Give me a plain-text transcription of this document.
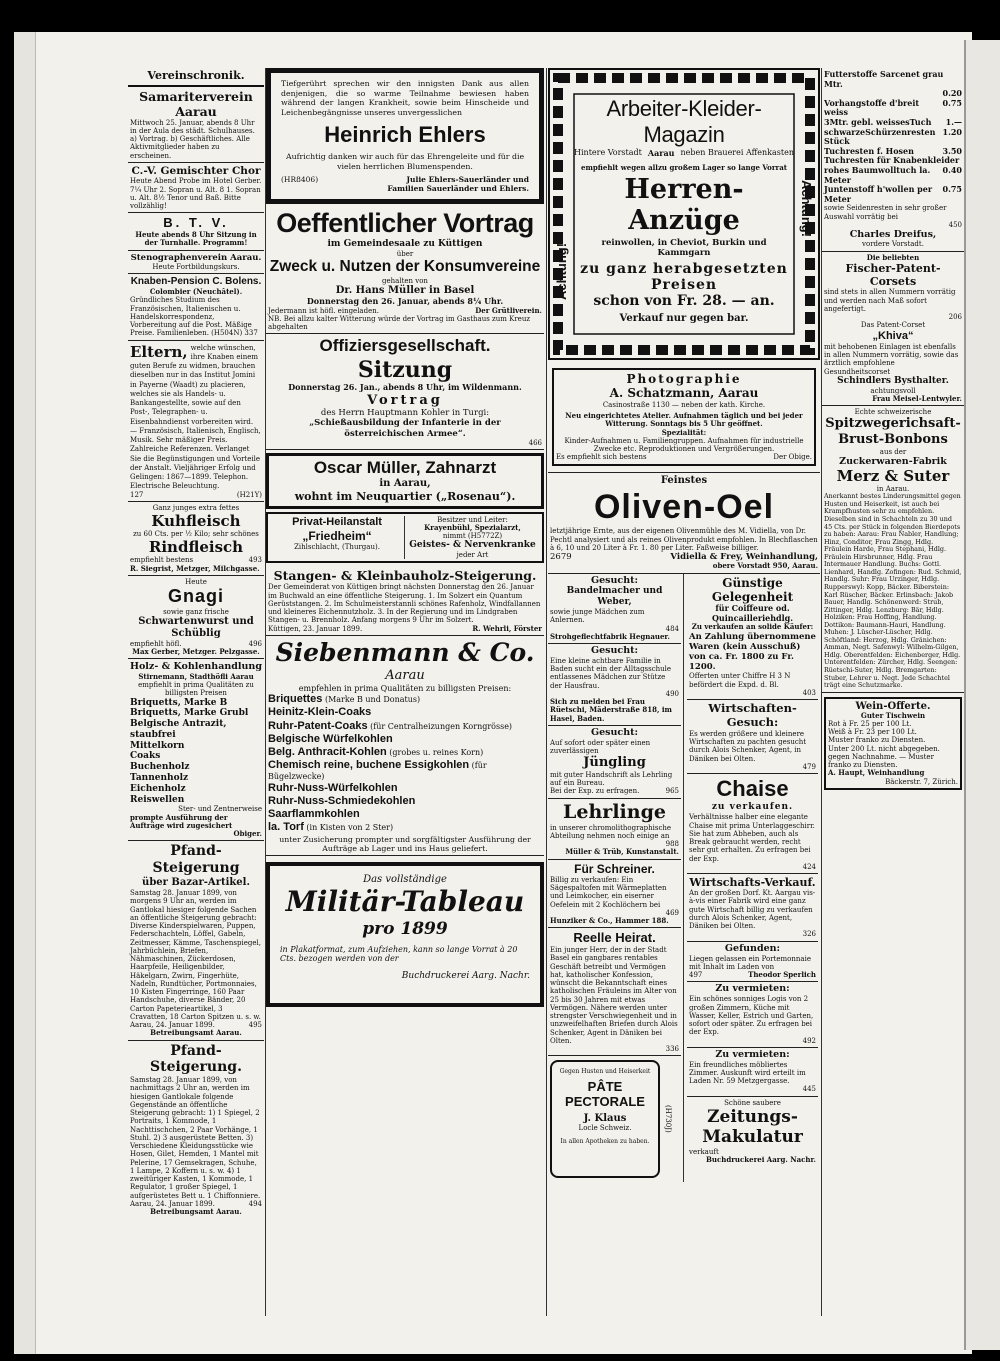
Vereinschronik.
Samariterverein Aarau
Mittwoch 25. Januar, abends 8 Uhr in der Aula des städt. Schulhauses. a) Vortrag. b) Geschäftliches. Alle Aktivmitglieder haben zu erscheinen.
C.-V. Gemischter Chor
Heute Abend Probe im Hotel Gerber. 7¼ Uhr 2. Sopran u. Alt. 8 1. Sopran u. Alt. 8½ Tenor und Baß. Bitte vollzählig!
B. T. V.
Heute abends 8 Uhr Sitzung in der Turnhalle. Programm!
Stenographenverein Aarau.
Heute Fortbildungskurs.
Knaben-Pension C. Bolens.
Colombier (Neuchâtel).
Gründliches Studium des Französischen, Italienischen u. Handelskorrespondenz, Vorbereitung auf die Post. Mäßige Preise. Familienleben. (H504N) 337
Eltern, welche wünschen, ihre Knaben einem guten Berufe zu widmen, brauchen dieselben nur in das Institut Jomini in Payerne (Waadt) zu placieren, welches sie als Handels- u. Bankangestellte, sowie auf den Post-, Telegraphen- u. Eisenbahndienst vorbereiten wird. — Französisch, Italienisch, Englisch, Musik. Sehr mäßiger Preis. Zahlreiche Referenzen. Verlanget Sie die Begünstigungen und Vorteile der Anstalt. Vieljähriger Erfolg und Gelingen: 1867—1899. Telephon. Electrische Beleuchtung.
127	(H21Y)
Ganz junges extra fettes
Kuhfleisch
zu 60 Cts. per ½ Kilo; sehr schönes
Rindfleisch
empfiehlt bestens	493
R. Siegrist, Metzger, Milchgasse.
Heute
Gnagi
sowie ganz frische
Schwartenwurst und Schüblig
empfiehlt höfl.	496
Max Gerber, Metzger. Pelzgasse.
Holz- & Kohlenhandlung
Stirnemann, Stadthöfli Aarau
empfiehlt in prima Qualitäten zu billigsten Preisen
Briquetts, Marke B
Briquetts, Marke Grubl
Belgische Antrazit, staubfrei
Mittelkorn
Coaks
Buchenholz
Tannenholz
Eichenholz
Reiswellen
Ster- und Zentnerweise
prompte Ausführung der Aufträge wird zugesichert
Obiger.
Pfand-Steigerung
über Bazar-Artikel.
Samstag 28. Januar 1899, von morgens 9 Uhr an, werden im Gantlokal hiesiger folgende Sachen an öffentliche Steigerung gebracht: Diverse Kinderspielwaren, Puppen, Federschachteln, Löffel, Gabeln, Zeitmesser, Kämme, Taschenspiegel, Jahrbüchlein, Briefen, Nähmaschinen, Zückerdosen, Haarpfeile, Heiligenbilder, Häkelgarn, Zwirn, Fingerhüte, Nadeln, Rundtücher, Portmonnaies, 10 Kisten Fingerringe, 160 Paar Handschuhe, diverse Bänder, 20 Carton Papeterieartikel, 3 Cravatten, 18 Carton Spitzen u. s. w.
Aarau, 24. Januar 1899.	495
Betreibungsamt Aarau.
Pfand-Steigerung.
Samstag 28. Januar 1899, von nachmittags 2 Uhr an, werden im hiesigen Gantlokale folgende Gegenstände an öffentliche Steigerung gebracht: 1) 1 Spiegel, 2 Portraits, 1 Kommode, 1 Nachttischchen, 2 Paar Vorhänge, 1 Stuhl. 2) 3 ausgerüstete Betten. 3) Verschiedene Kleidungsstücke wie Hosen, Gilet, Hemden, 1 Mantel mit Pelerine, 17 Gemsekragen, Schuhe, 1 Lampe, 2 Koffern u. s. w. 4) 1 zweitüriger Kasten, 1 Kommode, 1 Regulator, 1 großer Spiegel, 1 aufgerüstetes Bett u. 1 Chiffonniere.
Aarau, 24. Januar 1899.	494
Betreibungsamt Aarau.
Tiefgerührt sprechen wir den innigsten Dank aus allen denjenigen, die so warme Teilnahme bewiesen haben während der langen Krankheit, sowie beim Hinscheide und Leichenbegängnisse unseres unvergesslichen
Heinrich Ehlers
Aufrichtig danken wir auch für das Ehrengeleite und für die vielen herrlichen Blumenspenden.
(HR8406)	Julie Ehlers-Sauerländer und
Familien Sauerländer und Ehlers.
Oeffentlicher Vortrag
im Gemeindesaale zu Küttigen
über
Zweck u. Nutzen der Konsumvereine
gehalten von
Dr. Hans Müller in Basel
Donnerstag den 26. Januar, abends 8¼ Uhr.
Jedermann ist höfl. eingeladen.	Der Grütliverein.
NB. Bei allzu kalter Witterung würde der Vortrag im Gasthaus zum Kreuz abgehalten
Offiziersgesellschaft.
Sitzung
Donnerstag 26. Jan., abends 8 Uhr, im Wildenmann.
Vortrag
des Herrn Hauptmann Kohler in Turgi:
„Schießausbildung der Infanterie in der österreichischen Armee“.
466
Oscar Müller, Zahnarzt
in Aarau,
wohnt im Neuquartier („Rosenau“).
Privat-Heilanstalt
„Friedheim“
Zihlschlacht, (Thurgau).
Besitzer und Leiter:
Krayenbühl, Spezialarzt,
nimmt (H5772Z)
Geistes- & Nervenkranke
jeder Art
Stangen- & Kleinbauholz-Steigerung.
Der Gemeinderat von Küttigen bringt nächsten Donnerstag den 26. Januar im Buchwald an eine öffentliche Steigerung. 1. Im Solzert ein Quantum Gerüststangen. 2. Im Schulmeisterstannli schönes Rafenholz, Windfallannen und kleineres Eichennutzholz. 3. In der Regierung und im Lindgraben Stangen- u. Brennholz. Anfang morgens 9 Uhr im Solzert.
Küttigen, 23. Januar 1899.	R. Wehrli, Förster
Siebenmann & Co.
Aarau
empfehlen in prima Qualitäten zu billigsten Preisen:
Briquettes (Marke B und Donatus)
Heinitz-Klein-Coaks
Ruhr-Patent-Coaks (für Centralheizungen Korngrösse)
Belgische Würfelkohlen
Belg. Anthracit-Kohlen (grobes u. reines Korn)
Chemisch reine, buchene Essigkohlen (für Bügelzwecke)
Ruhr-Nuss-Würfelkohlen
Ruhr-Nuss-Schmiedekohlen
Saarflammkohlen
la. Torf (in Kisten von 2 Ster)
unter Zusicherung prompter und sorgfältigster Ausführung der Aufträge ab Lager und ins Haus geliefert.
Das vollständige
Militär-Tableau
pro 1899
in Plakatformat, zum Aufziehen, kann so lange Vorrat à 20 Cts. bezogen werden von der
Buchdruckerei Aarg. Nachr.
Arbeiter-Kleider-Magazin
Hintere Vorstadt Aarau neben Brauerei Affenkasten
empfiehlt wegen allzu großem Lager so lange Vorrat
Herren-Anzüge
reinwollen, in Cheviot, Burkin und Kammgarn
zu ganz herabgesetzten Preisen
schon von Fr. 28. — an.
Verkauf nur gegen bar.
Achtung!
Achtung!
Photographie
A. Schatzmann, Aarau
Casinostraße 1130 — neben der kath. Kirche.
Neu eingerichtetes Atelier. Aufnahmen täglich und bei jeder Witterung. Sonntags bis 5 Uhr geöffnet.
Spezialität:
Kinder-Aufnahmen u. Familiengruppen. Aufnahmen für industrielle Zwecke etc. Reproduktionen und Vergrößerungen.
Es empfiehlt sich bestens	Der Obige.
Feinstes
Oliven-Oel
letztjährige Ernte, aus der eigenen Olivenmühle des M. Vidiella, von Dr. Pechtl analysiert und als reines Olivenprodukt empfohlen. In Blechflaschen à 6, 10 und 20 Liter à Fr. 1. 80 per Liter. Faßweise billiger.
2679	Vidiella & Frey, Weinhandlung,
obere Vorstadt 950, Aarau.
Gesucht:
Bandelmacher und Weber,
sowie junge Mädchen zum Anlernen.
484
Strohgeflechtfabrik Hegnauer.
Gesucht:
Eine kleine achtbare Familie in Baden sucht ein der Alltagsschule entlassenes Mädchen zur Stütze der Hausfrau.
490
Sich zu melden bei Frau Rüetschi, Mäderstraße 818, im Hasel, Baden.
Gesucht:
Auf sofort oder später einen zuverlässigen
Jüngling
mit guter Handschrift als Lehrling auf ein Bureau.
Bei der Exp. zu erfragen.	965
Lehrlinge
in unserer chromolithographische Abteilung nehmen noch einige an
988
Müller & Trüb, Kunstanstalt.
Für Schreiner.
Billig zu verkaufen: Ein Sägespaltofen mit Wärmeplatten und Leimkocher, ein eiserner Oefelein mit 2 Kochlöchern bei
469
Hunziker & Co., Hammer 188.
Reelle Heirat.
Ein junger Herr, der in der Stadt Basel ein gangbares rentables Geschäft betreibt und Vermögen hat, katholischer Konfession, wünscht die Bekanntschaft eines katholischen Fräuleins im Alter von 25 bis 30 Jahren mit etwas Vermögen. Nähere werden unter strengster Verschwiegenheit und in unzweifelhaften Briefen durch Alois Schenker, Agent in Däniken bei Olten.
336
Gegen Husten und Heiserkeit
PÂTE PECTORALE
J. Klaus
Locle Schweiz.
In allen Apotheken zu haben.
(H730J)
Günstige Gelegenheit
für Coiffeure od. Quincailleriehdlg.
Zu verkaufen an solide Käufer:
An Zahlung übernommene Waren (kein Ausschuß) von ca. Fr. 1800 zu Fr. 1200.
Offerten unter Chiffre H 3 N befördert die Expd. d. Bl.
403
Wirtschaften-Gesuch:
Es werden größere und kleinere Wirtschaften zu pachten gesucht durch Alois Schenker, Agent, in Däniken bei Olten.
479
Chaise
zu verkaufen.
Verhältnisse halber eine elegante Chaise mit prima Unterlaggeschirr. Sie hat zum Abheben, auch als Break gebraucht werden, recht sehr gut erhalten. Zu erfragen bei der Exp.
424
Wirtschafts-Verkauf.
An der großen Dorf. Kt. Aargau vis-à-vis einer Fabrik wird eine ganz gute Wirtschaft billig zu verkaufen durch Alois Schenker, Agent, Däniken bei Olten.
326
Gefunden:
Liegen gelassen ein Portemonnaie mit Inhalt im Laden von
497	Theodor Sperlich
Zu vermieten:
Ein schönes sonniges Logis von 2 großen Zimmern, Küche mit Wasser, Keller, Estrich und Garten, sofort oder später. Zu erfragen bei der Exp.
492
Zu vermieten:
Ein freundliches möbliertes Zimmer. Auskunft wird erteilt im Laden Nr. 59 Metzgergasse.
445
Schöne saubere
Zeitungs-Makulatur
verkauft
Buchdruckerei Aarg. Nachr.
Futterstoffe Sarcenet grau Mtr.
0.20
Vorhangstoffe d'breit weiss
0.75
3Mtr. gebl. weissesTuch 1.—
schwarzeSchürzenresten Stück
1.20
Tuchresten f. Hosen	3.50
Tuchresten für Knabenkleider
rohes Baumwolltuch la. Meter
0.40
Juntenstoff h'wollen per Meter
0.75
sowie Seidenresten in sehr großer Auswahl vorrätig bei
450
Charles Dreifus,
vordere Vorstadt.
Die beliebten
Fischer-Patent-Corsets
sind stets in allen Nummern vorrätig und werden nach Maß sofort angefertigt.
206
Das Patent-Corset
„Khiva“
mit behobenen Einlagen ist ebenfalls in allen Nummern vorrätig, sowie das ärztlich empfohlene Gesundheitscorset
Schindlers Bysthalter.
achtungsvoll
Frau Meisel-Lentwyler.
Echte schweizerische
Spitzwegerichsaft-Brust-Bonbons
aus der
Zuckerwaren-Fabrik
Merz & Suter
in Aarau.
Anerkannt bestes Linderungsmittel gegen Husten und Heiserkeit, ist auch bei Krampfhusten sehr zu empfehlen. Dieselben sind in Schachteln zu 30 und 45 Cts. per Stück in folgenden Bierdepots zu haben: Aarau: Frau Nabler, Handlung; Hinz, Conditor, Frau Zingg, Hdlg. Fräulein Harde, Frau Stephani, Hdlg. Fräulein Hirsbrunner, Hdlg. Frau Intermauer Handlung. Buchs: Gottl. Lienhard, Handlg. Zofingen: Rud. Schmid, Handlg. Suhr: Frau Urzinger, Hdlg. Rupperswyl: Kopp, Bäcker. Biberstein: Karl Rüscher, Bäcker. Erlinsbach: Jakob Bauer, Handlg. Schönenwerd: Strub, Zittinger, Hdlg. Lenzburg: Bär, Hdlg. Holziken: Frau Hoffing, Handlung. Dottikon: Baumann-Hauri, Handlung. Muhen: J. Lüscher-Lüscher, Hdlg. Schöftland: Herzog, Hdlg. Gränichen: Amman, Negt. Safenwyl: Wilhelm-Gilgen, Hdlg. Oberentfelden: Eichenberger, Hdlg. Unterentfelden: Zürcher, Hdlg. Seengen: Rüetschi-Suter, Hdlg. Bremgarten: Stuber, Lehrer u. Negt. Jede Schachtel trägt eine Schutzmarke.
Wein-Offerte.
Guter Tischwein
Rot à Fr. 25 per 100 Lt.
Weiß à Fr. 23 per 100 Lt.
Muster franko zu Diensten.
Unter 200 Lt. nicht abgegeben.
gegen Nachnahme. — Muster franko zu Diensten.
A. Haupt, Weinhandlung
Bäckerstr. 7, Zürich.
